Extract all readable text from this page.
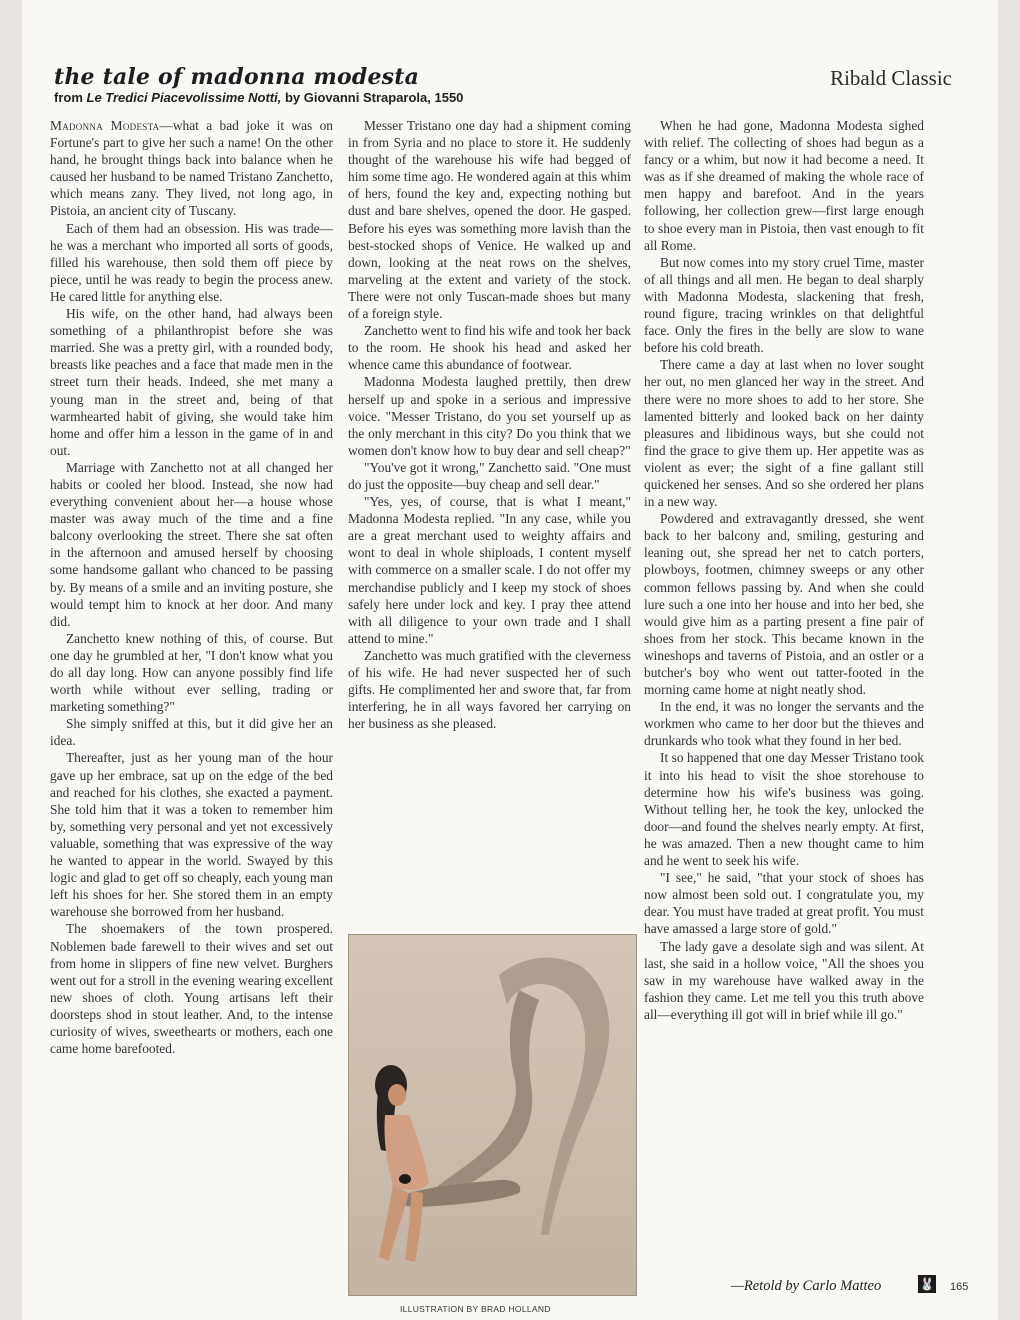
the tale of madonna modesta	Ribald Classic
from Le Tredici Piacevolissime Notti, by Giovanni Straparola, 1550

Madonna Modesta—what a bad joke it was on Fortune's part to give her such a name! On the other hand, he brought things back into balance when he caused her husband to be named Tristano Zanchetto, which means zany. They lived, not long ago, in Pistoia, an ancient city of Tuscany.

Each of them had an obsession. His was trade—he was a merchant who imported all sorts of goods, filled his warehouse, then sold them off piece by piece, until he was ready to begin the process anew. He cared little for anything else.

His wife, on the other hand, had always been something of a philanthropist before she was married. She was a pretty girl, with a rounded body, breasts like peaches and a face that made men in the street turn their heads. Indeed, she met many a young man in the street and, being of that warmhearted habit of giving, she would take him home and offer him a lesson in the game of in and out.

Marriage with Zanchetto not at all changed her habits or cooled her blood. Instead, she now had everything convenient about her—a house whose master was away much of the time and a fine balcony overlooking the street. There she sat often in the afternoon and amused herself by choosing some handsome gallant who chanced to be passing by. By means of a smile and an inviting posture, she would tempt him to knock at her door. And many did.

Zanchetto knew nothing of this, of course. But one day he grumbled at her, "I don't know what you do all day long. How can anyone possibly find life worth while without ever selling, trading or marketing something?"

She simply sniffed at this, but it did give her an idea.

Thereafter, just as her young man of the hour gave up her embrace, sat up on the edge of the bed and reached for his clothes, she exacted a payment. She told him that it was a token to remember him by, something very personal and yet not excessively valuable, something that was expressive of the way he wanted to appear in the world. Swayed by this logic and glad to get off so cheaply, each young man left his shoes for her. She stored them in an empty warehouse she borrowed from her husband.

The shoemakers of the town prospered. Noblemen bade farewell to their wives and set out from home in slippers of fine new velvet. Burghers went out for a stroll in the evening wearing excellent new shoes of cloth. Young artisans left their doorsteps shod in stout leather. And, to the intense curiosity of wives, sweethearts or mothers, each one came home barefooted.

Messer Tristano one day had a shipment coming in from Syria and no place to store it. He suddenly thought of the warehouse his wife had begged of him some time ago. He wondered again at this whim of hers, found the key and, expecting nothing but dust and bare shelves, opened the door. He gasped. Before his eyes was something more lavish than the best-stocked shops of Venice. He walked up and down, looking at the neat rows on the shelves, marveling at the extent and variety of the stock. There were not only Tuscan-made shoes but many of a foreign style.

Zanchetto went to find his wife and took her back to the room. He shook his head and asked her whence came this abundance of footwear.

Madonna Modesta laughed prettily, then drew herself up and spoke in a serious and impressive voice. "Messer Tristano, do you set yourself up as the only merchant in this city? Do you think that we women don't know how to buy dear and sell cheap?"

"You've got it wrong," Zanchetto said. "One must do just the opposite—buy cheap and sell dear."

"Yes, yes, of course, that is what I meant," Madonna Modesta replied. "In any case, while you are a great merchant used to weighty affairs and wont to deal in whole shiploads, I content myself with commerce on a smaller scale. I do not offer my merchandise publicly and I keep my stock of shoes safely here under lock and key. I pray thee attend with all diligence to your own trade and I shall attend to mine."

Zanchetto was much gratified with the cleverness of his wife. He had never suspected her of such gifts. He complimented her and swore that, far from interfering, he in all ways favored her carrying on her business as she pleased.

ILLUSTRATION BY BRAD HOLLAND

When he had gone, Madonna Modesta sighed with relief. The collecting of shoes had begun as a fancy or a whim, but now it had become a need. It was as if she dreamed of making the whole race of men happy and barefoot. And in the years following, her collection grew—first large enough to shoe every man in Pistoia, then vast enough to fit all Rome.

But now comes into my story cruel Time, master of all things and all men. He began to deal sharply with Madonna Modesta, slackening that fresh, round figure, tracing wrinkles on that delightful face. Only the fires in the belly are slow to wane before his cold breath.

There came a day at last when no lover sought her out, no men glanced her way in the street. And there were no more shoes to add to her store. She lamented bitterly and looked back on her dainty pleasures and libidinous ways, but she could not find the grace to give them up. Her appetite was as violent as ever; the sight of a fine gallant still quickened her senses. And so she ordered her plans in a new way.

Powdered and extravagantly dressed, she went back to her balcony and, smiling, gesturing and leaning out, she spread her net to catch porters, plowboys, footmen, chimney sweeps or any other common fellows passing by. And when she could lure such a one into her house and into her bed, she would give him as a parting present a fine pair of shoes from her stock. This became known in the wineshops and taverns of Pistoia, and an ostler or a butcher's boy who went out tatter-footed in the morning came home at night neatly shod.

In the end, it was no longer the servants and the workmen who came to her door but the thieves and drunkards who took what they found in her bed.

It so happened that one day Messer Tristano took it into his head to visit the shoe storehouse to determine how his wife's business was going. Without telling her, he took the key, unlocked the door—and found the shelves nearly empty. At first, he was amazed. Then a new thought came to him and he went to seek his wife.

"I see," he said, "that your stock of shoes has now almost been sold out. I congratulate you, my dear. You must have traded at great profit. You must have amassed a large store of gold."

The lady gave a desolate sigh and was silent. At last, she said in a hollow voice, "All the shoes you saw in my warehouse have walked away in the fashion they came. Let me tell you this truth above all—everything ill got will in brief while ill go."

—Retold by Carlo Matteo	🐰 165
